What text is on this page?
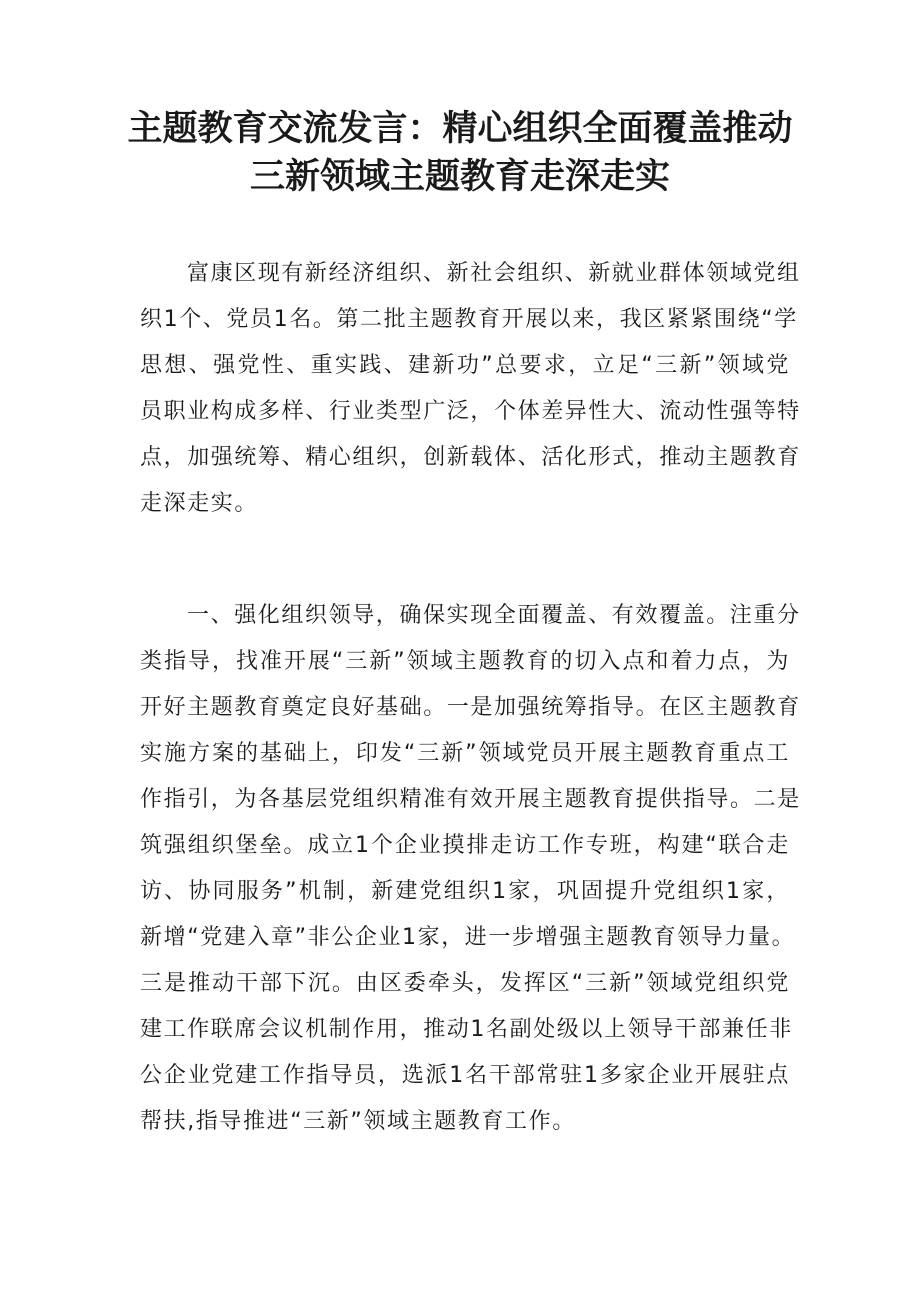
主题教育交流发言：精心组织全面覆盖推动
三新领域主题教育走深走实
富康区现有新经济组织、新社会组织、新就业群体领域党组
织1个、党员1名。第二批主题教育开展以来，我区紧紧围绕“学
思想、强党性、重实践、建新功”总要求，立足“三新”领域党
员职业构成多样、行业类型广泛，个体差异性大、流动性强等特
点，加强统筹、精心组织，创新载体、活化形式，推动主题教育
走深走实。
一、强化组织领导，确保实现全面覆盖、有效覆盖。注重分
类指导，找准开展“三新”领域主题教育的切入点和着力点，为
开好主题教育奠定良好基础。一是加强统筹指导。在区主题教育
实施方案的基础上，印发“三新”领域党员开展主题教育重点工
作指引，为各基层党组织精准有效开展主题教育提供指导。二是
筑强组织堡垒。成立1个企业摸排走访工作专班，构建“联合走
访、协同服务”机制，新建党组织1家，巩固提升党组织1家，
新增“党建入章”非公企业1家，进一步增强主题教育领导力量。
三是推动干部下沉。由区委牵头，发挥区“三新”领域党组织党
建工作联席会议机制作用，推动1名副处级以上领导干部兼任非
公企业党建工作指导员，选派1名干部常驻1多家企业开展驻点
帮扶,指导推进“三新”领域主题教育工作。
